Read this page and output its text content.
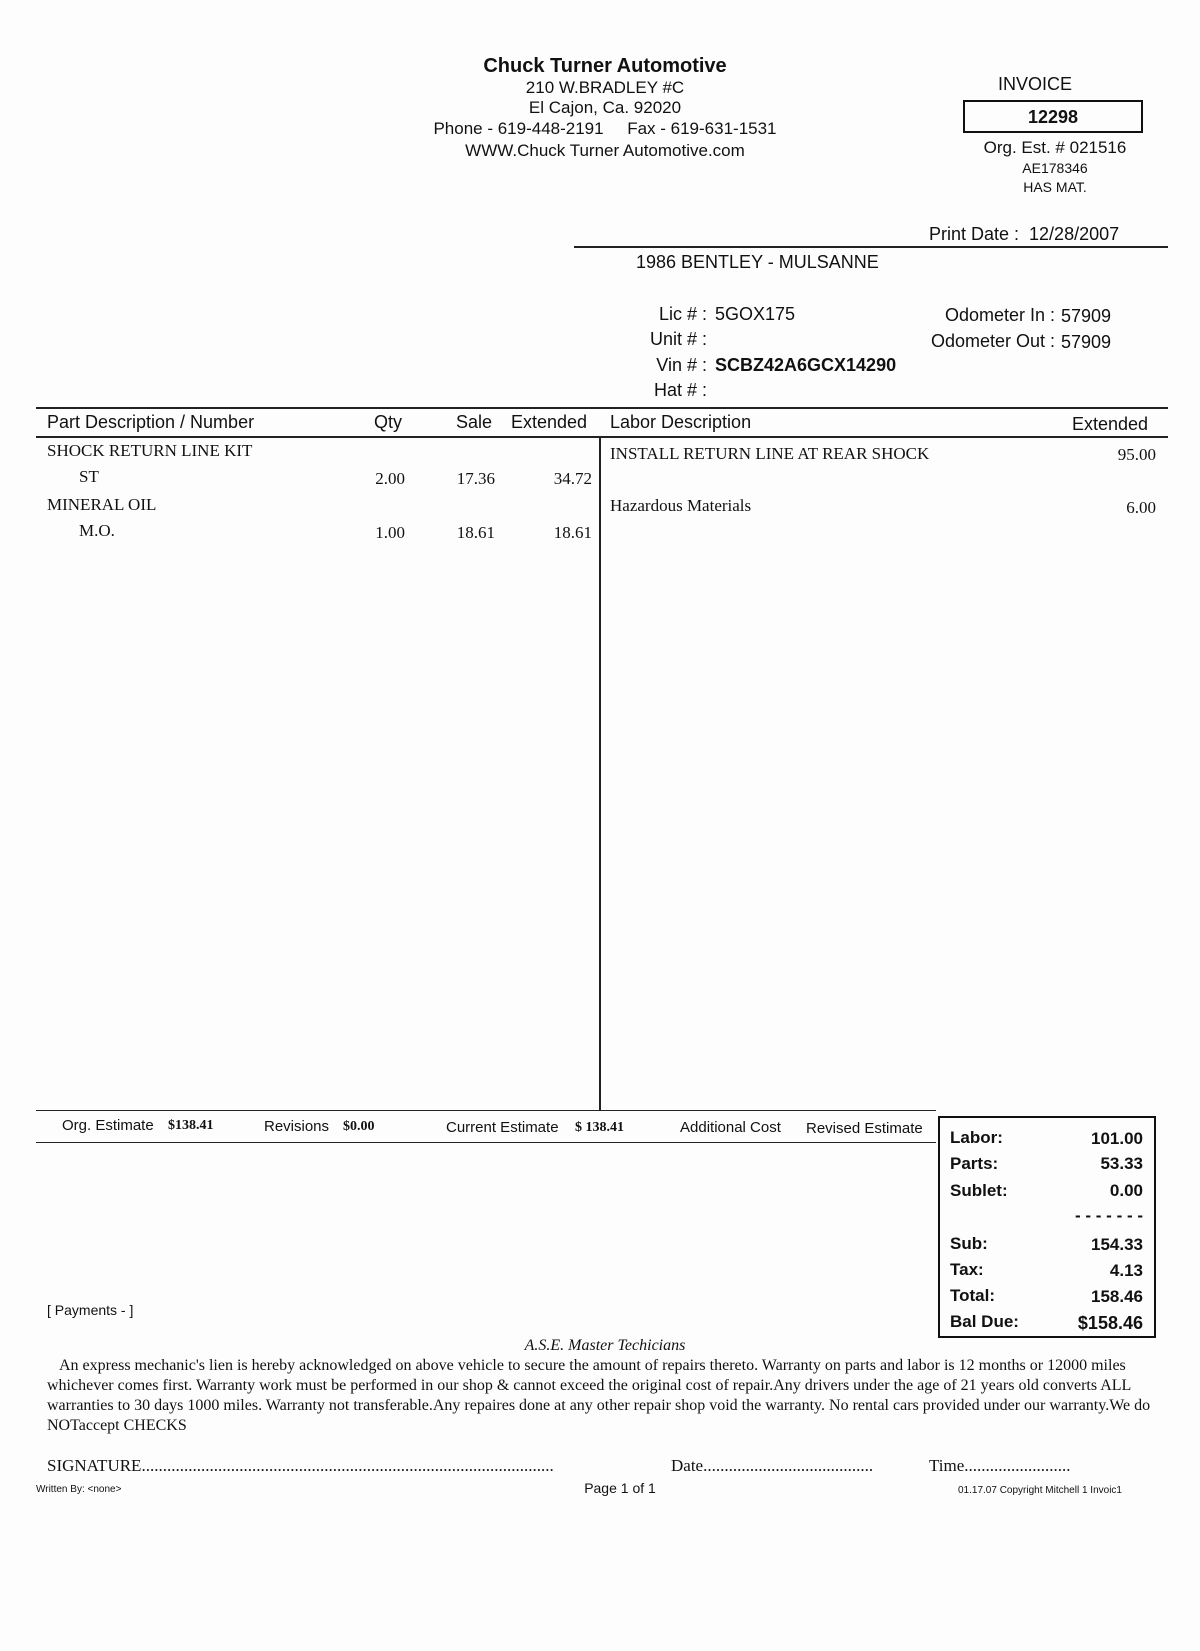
Chuck Turner Automotive
210 W.BRADLEY #C
El Cajon, Ca. 92020
Phone - 619-448-2191     Fax - 619-631-1531
WWW.Chuck Turner Automotive.com
INVOICE
12298
Org. Est. # 021516
AE178346
HAS MAT.
Print Date :  12/28/2007
1986 BENTLEY - MULSANNE
Lic # : 5GOX175
Unit # :
Vin # : SCBZ42A6GCX14290
Hat # :
Odometer In : 57909
Odometer Out : 57909
Part Description / Number	Qty	Sale Extended Labor Description	Extended
SHOCK RETURN LINE KIT
ST	2.00	17.36	34.72
MINERAL OIL
M.O.	1.00	18.61	18.61
INSTALL RETURN LINE AT REAR SHOCK	95.00
Hazardous Materials	6.00
Org. Estimate $138.41	Revisions $0.00	Current Estimate $ 138.41	Additional Cost Revised Estimate
[ Payments - ]
Labor:	101.00
Parts:	53.33
Sublet:	0.00
- - - - - - -
Sub:	154.33
Tax:	4.13
Total:	158.46
Bal Due:	$158.46
A.S.E. Master Techicians
An express mechanic's lien is hereby acknowledged on above vehicle to secure the amount of repairs thereto. Warranty on parts and labor is 12 months or 12000 miles whichever comes first. Warranty work must be performed in our shop & cannot exceed the original cost of repair.Any drivers under the age of 21 years old converts ALL warranties to 30 days 1000 miles. Warranty not transferable.Any repaires done at any other repair shop void the warranty. No rental cars provided under our warranty.We do NOTaccept CHECKS
SIGNATURE.................................................................................................	Date........................................	Time.........................
Written By: <none>	Page 1 of 1	01.17.07 Copyright Mitchell 1 Invoic1
